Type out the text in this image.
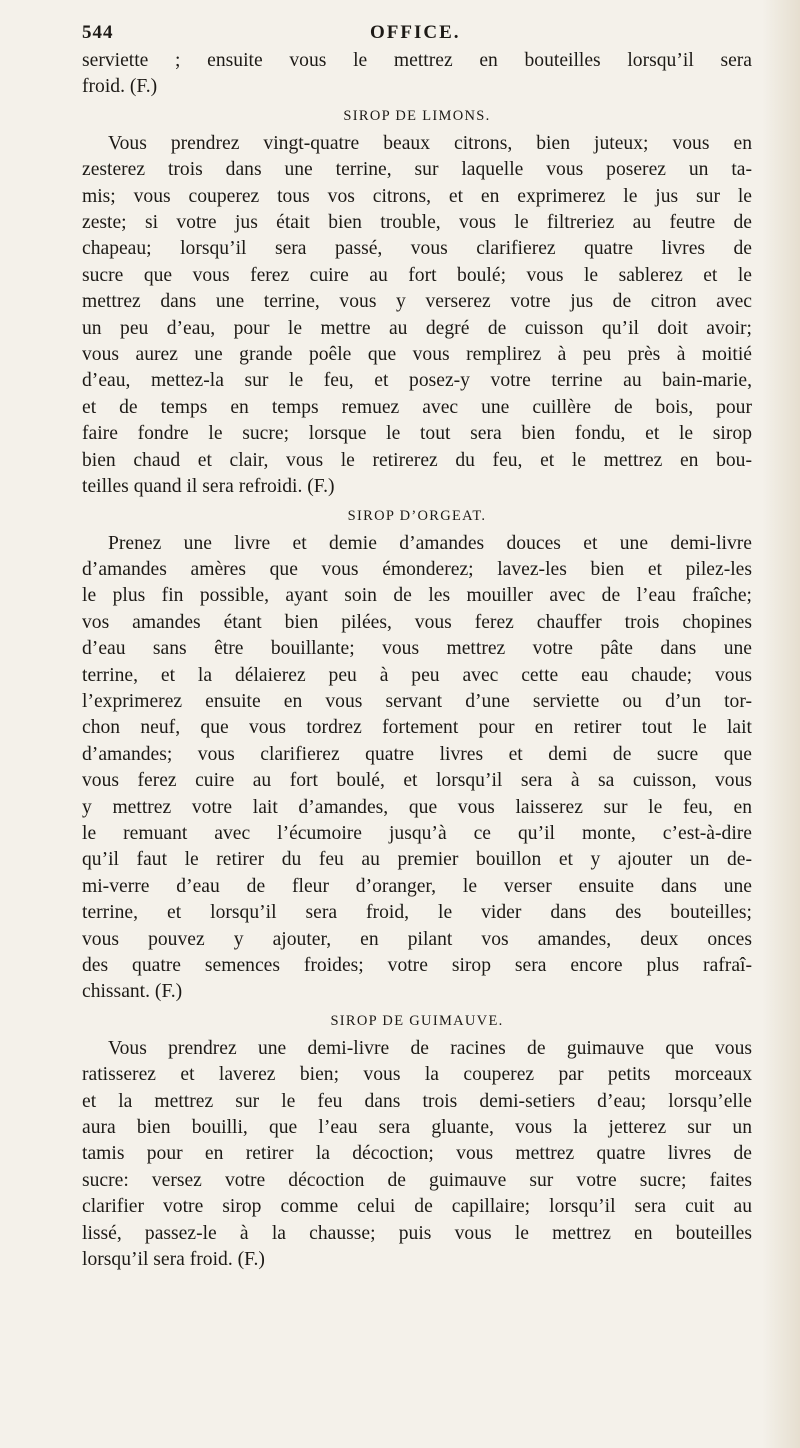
544	OFFICE.
serviette ; ensuite vous le mettrez en bouteilles lorsqu’il sera
froid. (F.)
SIROP DE LIMONS.
Vous prendrez vingt-quatre beaux citrons, bien juteux; vous en
zesterez trois dans une terrine, sur laquelle vous poserez un ta-
mis; vous couperez tous vos citrons, et en exprimerez le jus sur le
zeste; si votre jus était bien trouble, vous le filtreriez au feutre de
chapeau; lorsqu’il sera passé, vous clarifierez quatre livres de
sucre que vous ferez cuire au fort boulé; vous le sablerez et le
mettrez dans une terrine, vous y verserez votre jus de citron avec
un peu d’eau, pour le mettre au degré de cuisson qu’il doit avoir;
vous aurez une grande poêle que vous remplirez à peu près à moitié
d’eau, mettez-la sur le feu, et posez-y votre terrine au bain-marie,
et de temps en temps remuez avec une cuillère de bois, pour
faire fondre le sucre; lorsque le tout sera bien fondu, et le sirop
bien chaud et clair, vous le retirerez du feu, et le mettrez en bou-
teilles quand il sera refroidi. (F.)
SIROP D’ORGEAT.
Prenez une livre et demie d’amandes douces et une demi-livre
d’amandes amères que vous émonderez; lavez-les bien et pilez-les
le plus fin possible, ayant soin de les mouiller avec de l’eau fraîche;
vos amandes étant bien pilées, vous ferez chauffer trois chopines
d’eau sans être bouillante; vous mettrez votre pâte dans une
terrine, et la délaierez peu à peu avec cette eau chaude; vous
l’exprimerez ensuite en vous servant d’une serviette ou d’un tor-
chon neuf, que vous tordrez fortement pour en retirer tout le lait
d’amandes; vous clarifierez quatre livres et demi de sucre que
vous ferez cuire au fort boulé, et lorsqu’il sera à sa cuisson, vous
y mettrez votre lait d’amandes, que vous laisserez sur le feu, en
le remuant avec l’écumoire jusqu’à ce qu’il monte, c’est-à-dire
qu’il faut le retirer du feu au premier bouillon et y ajouter un de-
mi-verre d’eau de fleur d’oranger, le verser ensuite dans une
terrine, et lorsqu’il sera froid, le vider dans des bouteilles;
vous pouvez y ajouter, en pilant vos amandes, deux onces
des quatre semences froides; votre sirop sera encore plus rafraî-
chissant. (F.)
SIROP DE GUIMAUVE.
Vous prendrez une demi-livre de racines de guimauve que vous
ratisserez et laverez bien; vous la couperez par petits morceaux
et la mettrez sur le feu dans trois demi-setiers d’eau; lorsqu’elle
aura bien bouilli, que l’eau sera gluante, vous la jetterez sur un
tamis pour en retirer la décoction; vous mettrez quatre livres de
sucre: versez votre décoction de guimauve sur votre sucre; faites
clarifier votre sirop comme celui de capillaire; lorsqu’il sera cuit au
lissé, passez-le à la chausse; puis vous le mettrez en bouteilles
lorsqu’il sera froid. (F.)
